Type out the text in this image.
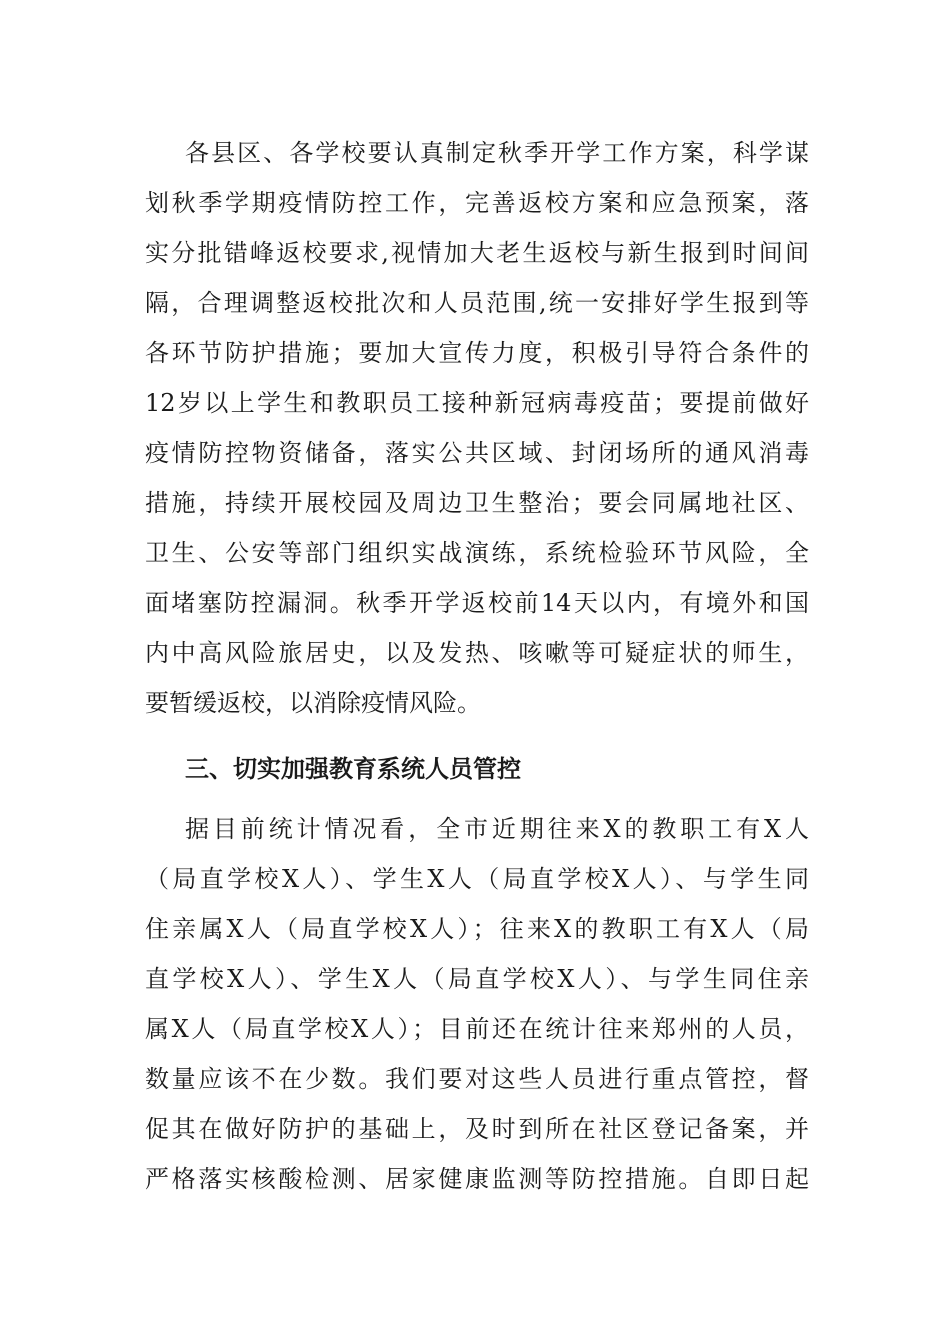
各县区、各学校要认真制定秋季开学工作方案，科学谋
划秋季学期疫情防控工作，完善返校方案和应急预案，落
实分批错峰返校要求,视情加大老生返校与新生报到时间间
隔，合理调整返校批次和人员范围,统一安排好学生报到等
各环节防护措施；要加大宣传力度，积极引导符合条件的
12岁以上学生和教职员工接种新冠病毒疫苗；要提前做好
疫情防控物资储备，落实公共区域、封闭场所的通风消毒
措施，持续开展校园及周边卫生整治；要会同属地社区、
卫生、公安等部门组织实战演练，系统检验环节风险，全
面堵塞防控漏洞。秋季开学返校前14天以内，有境外和国
内中高风险旅居史，以及发热、咳嗽等可疑症状的师生，
要暂缓返校，以消除疫情风险。
三、切实加强教育系统人员管控
据目前统计情况看，全市近期往来X的教职工有X人
（局直学校X人）、学生X人（局直学校X人）、与学生同
住亲属X人（局直学校X人）；往来X的教职工有X人（局
直学校X人）、学生X人（局直学校X人）、与学生同住亲
属X人（局直学校X人）；目前还在统计往来郑州的人员，
数量应该不在少数。我们要对这些人员进行重点管控，督
促其在做好防护的基础上，及时到所在社区登记备案，并
严格落实核酸检测、居家健康监测等防控措施。自即日起
